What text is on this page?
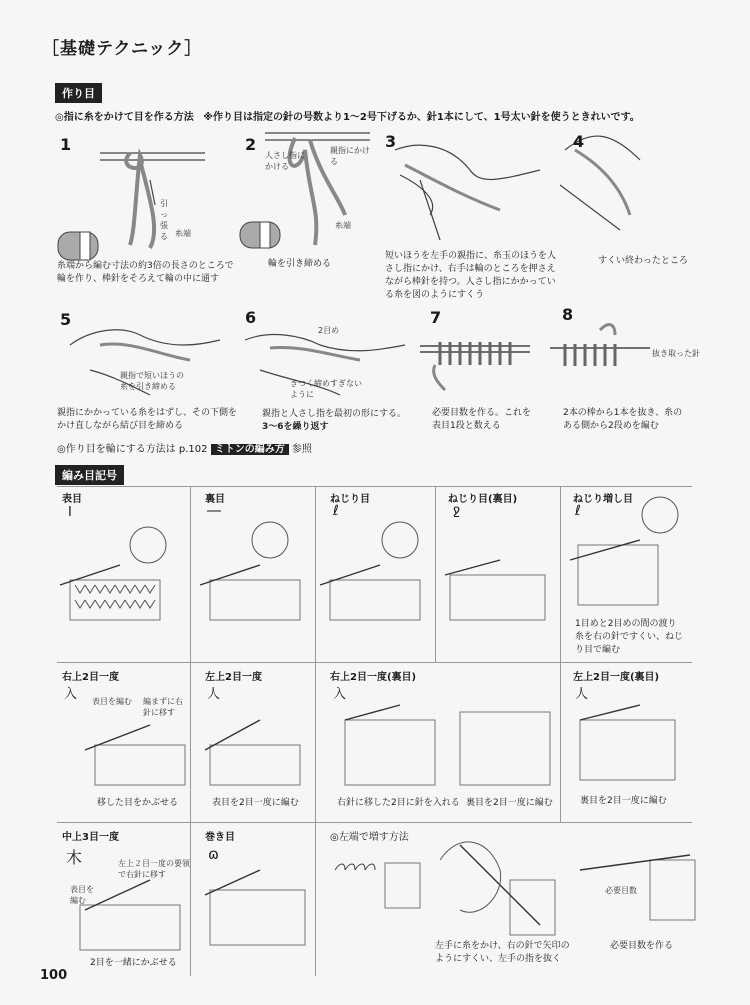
［基礎テクニック］
作り目
◎指に糸をかけて目を作る方法 ※作り目は指定の針の号数より1〜2号下げるか、針1本にして、1号太い針を使うときれいです。
1
引っ張る 糸端
糸端から編む寸法の約3倍の長さのところで輪を作り、棒針をそろえて輪の中に通す
2
人さし指にかける
親指にかける
糸端
輪を引き締める
3
短いほうを左手の親指に、糸玉のほうを人さし指にかけ、右手は輪のところを押さえながら棒針を持つ。人さし指にかかっている糸を図のようにすくう
4
すくい終わったところ
5
親指で短いほうの糸を引き締める
親指にかかっている糸をはずし、その下側をかけ直しながら結び目を締める
6
2目め
きつく締めすぎないように
親指と人さし指を最初の形にする。
3〜6を繰り返す
7
必要目数を作る。これを表目1段と数える
8
抜き取った針
2本の棒から1本を抜き、糸のある側から2段めを編む
◎作り目を輪にする方法は p.102 ミトンの編み方 参照
編み目記号
表目
I
裏目
―
ねじり目
ℓ
ねじり目(裏目)
ջ
ねじり増し目
ℓ
1目めと2目めの間の渡り糸を右の針ですくい、ねじり目で編む
右上2目一度
入 表目を編む 編まずに右針に移す
移した目をかぶせる
左上2目一度
人
表目を2目一度に編む
右上2目一度(裏目)
入
右針に移した2目に針を入れる 裏目を2目一度に編む
左上2目一度(裏目)
人
裏目を2目一度に編む
中上3目一度
木	左上２目一度の要領で右針に移す
表目を編む
2目を一緒にかぶせる
巻き目
ɷ
◎左端で増す方法
左手に糸をかけ、右の針で矢印のようにすくい、左手の指を抜く
必要目数を作る
必要目数
100
